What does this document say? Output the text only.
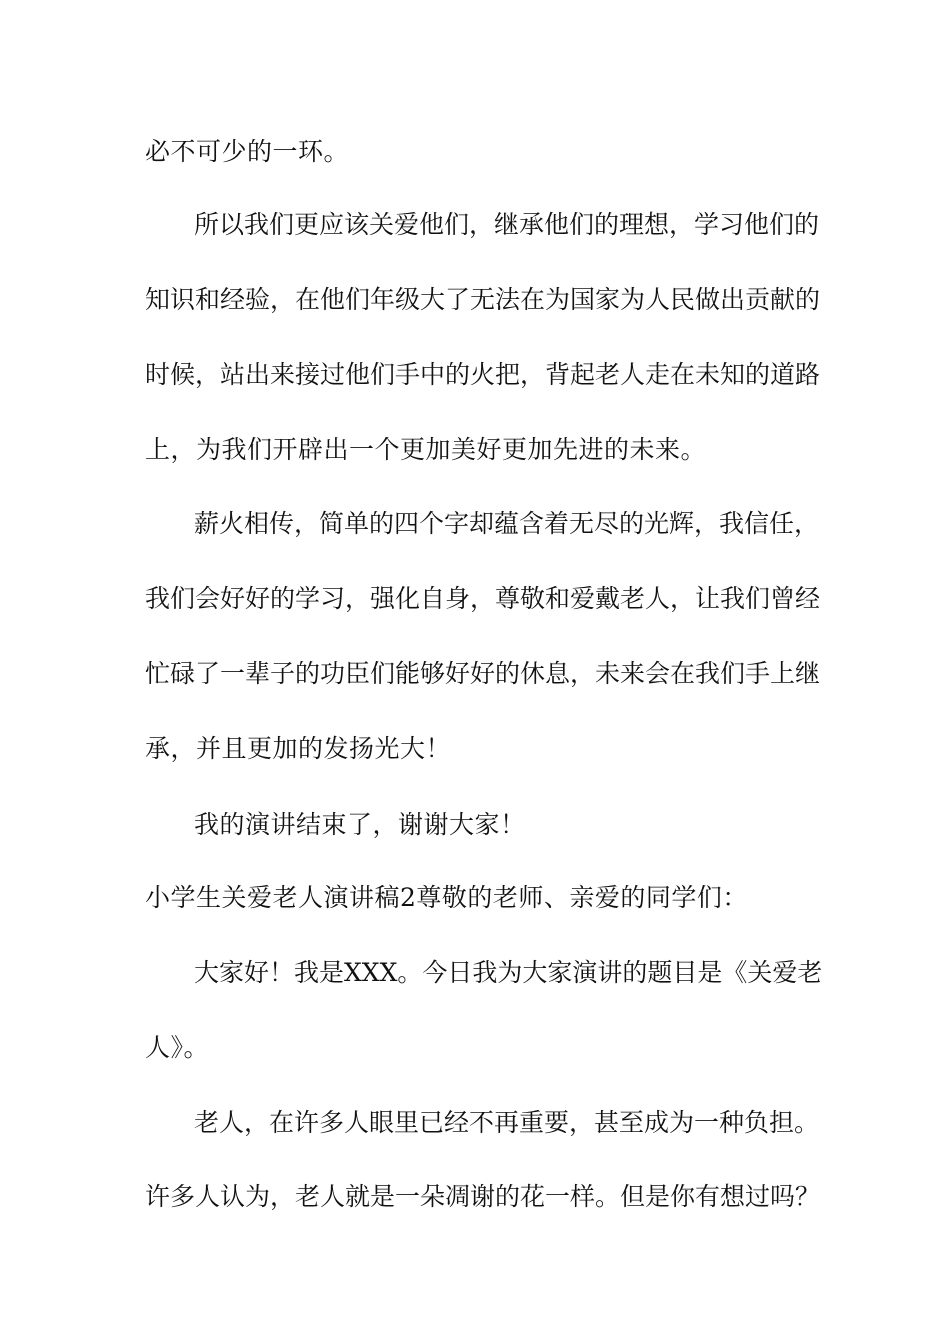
必不可少的一环。
所以我们更应该关爱他们，继承他们的理想，学习他们的
知识和经验，在他们年级大了无法在为国家为人民做出贡献的
时候，站出来接过他们手中的火把，背起老人走在未知的道路
上，为我们开辟出一个更加美好更加先进的未来。
薪火相传，简单的四个字却蕴含着无尽的光辉，我信任，
我们会好好的学习，强化自身，尊敬和爱戴老人，让我们曾经
忙碌了一辈子的功臣们能够好好的休息，未来会在我们手上继
承，并且更加的发扬光大！
我的演讲结束了，谢谢大家！
小学生关爱老人演讲稿2尊敬的老师、亲爱的同学们：
大家好！我是XXX。今日我为大家演讲的题目是《关爱老
人》。
老人，在许多人眼里已经不再重要，甚至成为一种负担。
许多人认为，老人就是一朵凋谢的花一样。但是你有想过吗？
